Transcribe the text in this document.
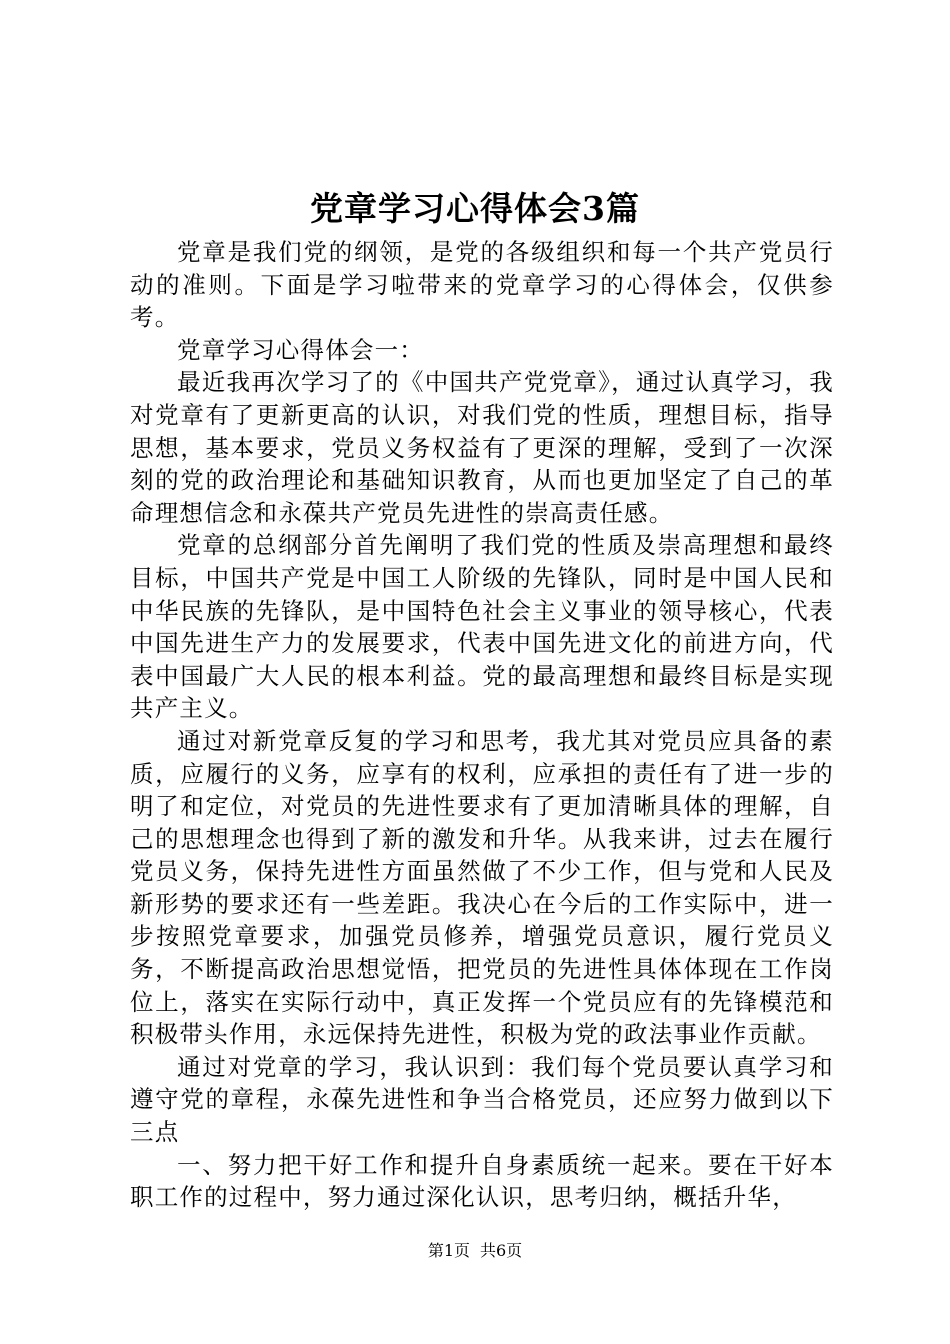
党章学习心得体会3篇

党章是我们党的纲领，是党的各级组织和每一个共产党员行动的准则。下面是学习啦带来的党章学习的心得体会，仅供参考。

党章学习心得体会一：

最近我再次学习了的《中国共产党党章》，通过认真学习，我对党章有了更新更高的认识，对我们党的性质，理想目标，指导思想，基本要求，党员义务权益有了更深的理解，受到了一次深刻的党的政治理论和基础知识教育，从而也更加坚定了自己的革命理想信念和永葆共产党员先进性的崇高责任感。

党章的总纲部分首先阐明了我们党的性质及崇高理想和最终目标，中国共产党是中国工人阶级的先锋队，同时是中国人民和中华民族的先锋队，是中国特色社会主义事业的领导核心，代表中国先进生产力的发展要求，代表中国先进文化的前进方向，代表中国最广大人民的根本利益。党的最高理想和最终目标是实现共产主义。

通过对新党章反复的学习和思考，我尤其对党员应具备的素质，应履行的义务，应享有的权利，应承担的责任有了进一步的明了和定位，对党员的先进性要求有了更加清晰具体的理解，自己的思想理念也得到了新的激发和升华。从我来讲，过去在履行党员义务，保持先进性方面虽然做了不少工作，但与党和人民及新形势的要求还有一些差距。我决心在今后的工作实际中，进一步按照党章要求，加强党员修养，增强党员意识，履行党员义务，不断提高政治思想觉悟，把党员的先进性具体体现在工作岗位上，落实在实际行动中，真正发挥一个党员应有的先锋模范和积极带头作用，永远保持先进性，积极为党的政法事业作贡献。

通过对党章的学习，我认识到：我们每个党员要认真学习和遵守党的章程，永葆先进性和争当合格党员，还应努力做到以下三点

一、努力把干好工作和提升自身素质统一起来。要在干好本职工作的过程中，努力通过深化认识，思考归纳，概括升华，

第1页 共6页
